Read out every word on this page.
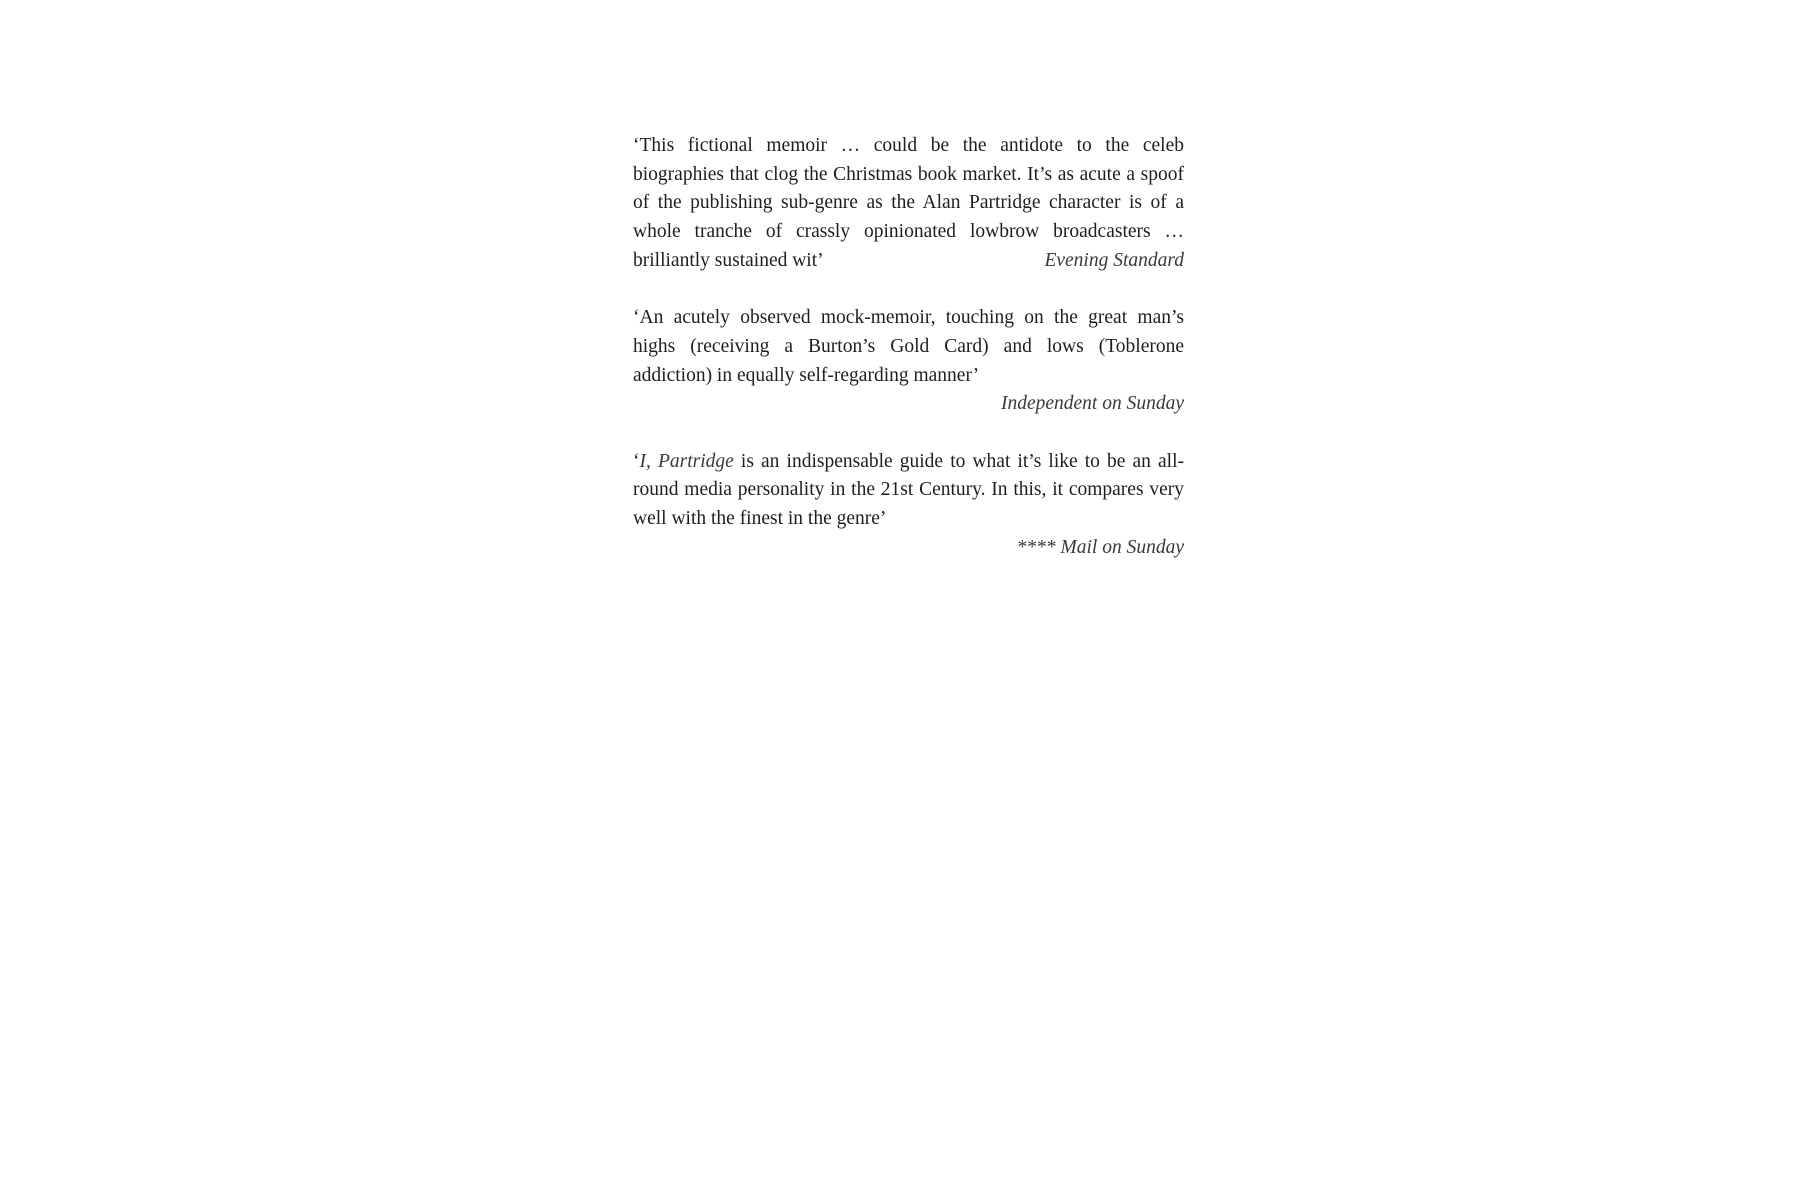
‘This fictional memoir … could be the antidote to the celeb biographies that clog the Christmas book market. It’s as acute a spoof of the publishing sub-genre as the Alan Partridge character is of a whole tranche of crassly opinionated lowbrow broadcasters … brilliantly sustained wit’	Evening Standard

‘An acutely observed mock-memoir, touching on the great man’s highs (receiving a Burton’s Gold Card) and lows (Toblerone addiction) in equally self-regarding manner’

Independent on Sunday

‘I, Partridge is an indispensable guide to what it’s like to be an all-round media personality in the 21st Century. In this, it compares very well with the finest in the genre’

**** Mail on Sunday
